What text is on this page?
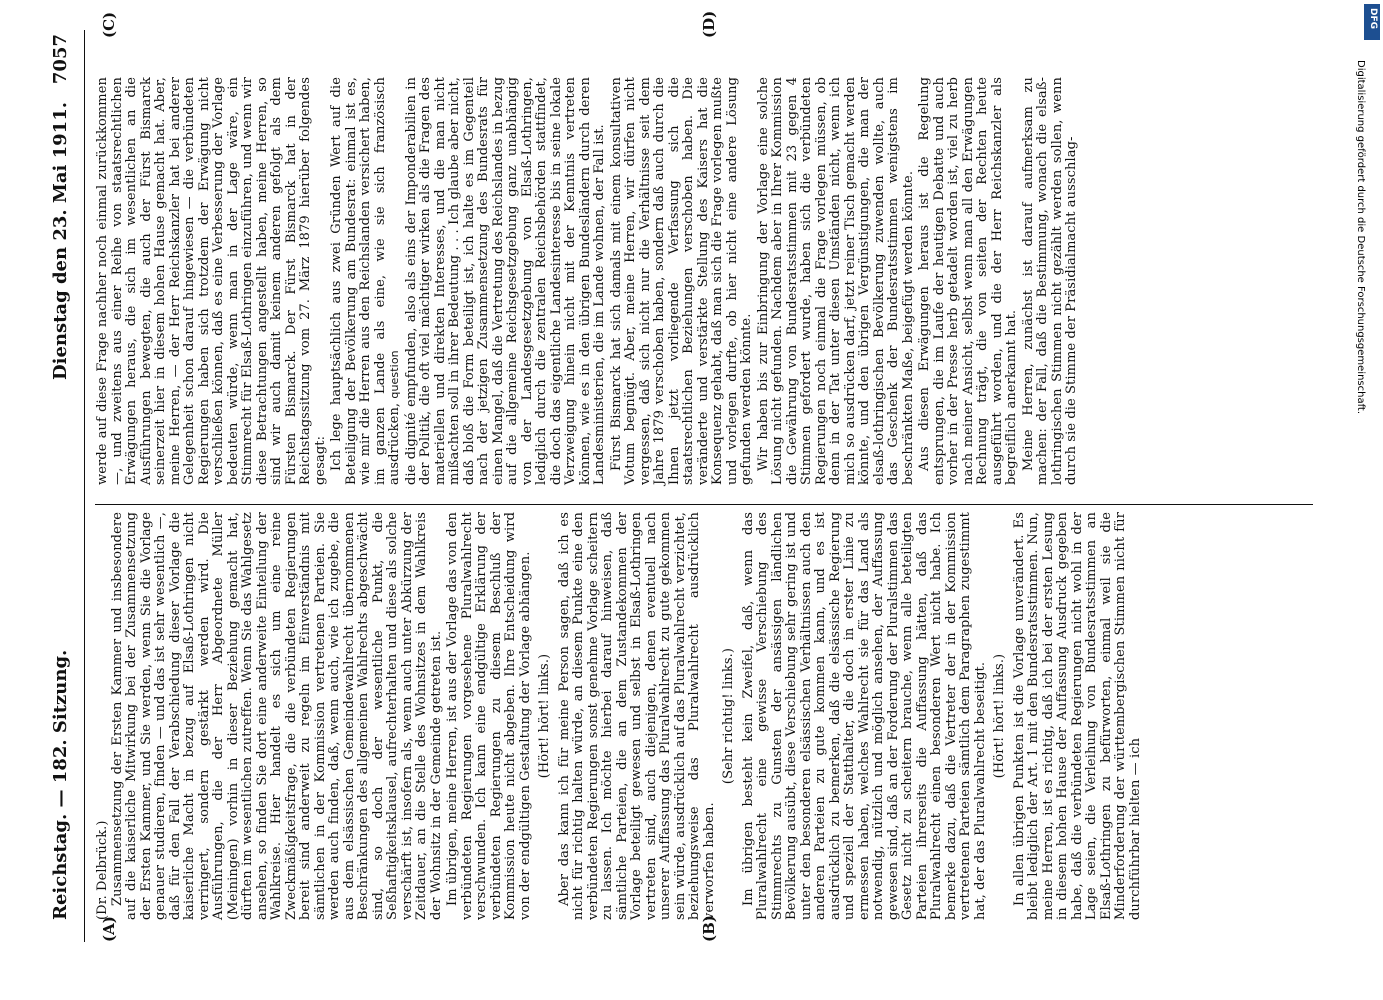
Reichstag. — 182. Sitzung.
Dienstag den 23. Mai 1911.
7057
(A)	(B)
(C)	(D)

(Dr. Delbrück.) Zusammensetzung der Ersten Kammer und insbesondere auf die kaiserliche Mitwirkung bei der Zusammensetzung der Ersten Kammer, und Sie werden, wenn Sie die Vorlage genauer studieren, finden — und das ist sehr wesentlich —, daß für den Fall der Verabschiedung dieser Vorlage die kaiserliche Macht in bezug auf Elsaß-Lothringen nicht verringert, sondern gestärkt werden wird. Die Ausführungen, die der Herr Abgeordnete Müller (Meiningen) vorhin in dieser Beziehung gemacht hat, dürften im wesentlichen zutreffen. Wenn Sie das Wahlgesetz ansehen, so finden Sie dort eine anderweite Einteilung der Wahlkreise. Hier handelt es sich um eine reine Zweckmäßigkeitsfrage, die die verbündeten Regierungen bereit sind anderweit zu regeln im Einverständnis mit sämtlichen in der Kommission vertretenen Parteien. Sie werden auch finden, daß, wenn auch, wie ich zugebe, die aus dem elsässischen Gemeindewahlrecht übernommenen Beschränkungen des allgemeinen Wahlrechts abgeschwächt sind, so doch der wesentliche Punkt, die Seßhaftigkeitsklausel, aufrechterhalten und diese als solche verschärft ist, insofern als, wenn auch unter Abkürzung der Zeitdauer, an die Stelle des Wohnsitzes in dem Wahlkreis der Wohnsitz in der Gemeinde getreten ist. Im übrigen, meine Herren, ist aus der Vorlage das von den verbündeten Regierungen vorgesehene Pluralwahlrecht verschwunden. Ich kann eine endgültige Erklärung der verbündeten Regierungen zu diesem Beschluß der Kommission heute nicht abgeben. Ihre Entscheidung wird von der endgültigen Gestaltung der Vorlage abhängen. (Hört! hört! links.) Aber das kann ich für meine Person sagen, daß ich es nicht für richtig halten würde, an diesem Punkte eine den verbündeten Regierungen sonst genehme Vorlage scheitern zu lassen. Ich möchte hierbei darauf hinweisen, daß sämtliche Parteien, die an dem Zustandekommen der Vorlage beteiligt gewesen und selbst in Elsaß-Lothringen vertreten sind, auch diejenigen, denen eventuell nach unserer Auffassung das Pluralwahlrecht zu gute gekommen sein würde, ausdrücklich auf das Pluralwahlrecht verzichtet, beziehungsweise das Pluralwahlrecht ausdrücklich verworfen haben.

(Sehr richtig! links.) Im übrigen besteht kein Zweifel, daß, wenn das Pluralwahlrecht eine gewisse Verschiebung des Stimmrechts zu Gunsten der ansässigen ländlichen Bevölkerung ausübt, diese Verschiebung sehr gering ist und unter den besonderen elsässischen Verhältnissen auch den anderen Parteien zu gute kommen kann, und es ist ausdrücklich zu bemerken, daß die elsässische Regierung und speziell der Statthalter, die doch in erster Linie zu ermessen haben, welches Wahlrecht sie für das Land als notwendig, nützlich und möglich ansehen, der Auffassung gewesen sind, daß an der Forderung der Pluralstimmen das Gesetz nicht zu scheitern brauche, wenn alle beteiligten Parteien ihrerseits die Auffassung hätten, daß das Pluralwahlrecht einen besonderen Wert nicht habe. Ich bemerke dazu, daß die Vertreter der in der Kommission vertretenen Parteien sämtlich dem Paragraphen zugestimmt hat, der das Pluralwahlrecht beseitigt. (Hört! hört! links.) In allen übrigen Punkten ist die Vorlage unverändert. Es bleibt lediglich der Art. 1 mit den Bundesratsstimmen. Nun, meine Herren, ist es richtig, daß ich bei der ersten Lesung in diesem hohen Hause der Auffassung Ausdruck gegeben habe, daß die verbündeten Regierungen nicht wohl in der Lage seien, die Verleihung von Bundesratsstimmen an Elsaß-Lothringen zu befürworten, einmal weil sie die Minderforderung der württembergischen Stimmen nicht für durchführbar hielten — ich

werde auf diese Frage nachher noch einmal zurückkommen —, und zweitens aus einer Reihe von staatsrechtlichen Erwägungen heraus, die sich im wesentlichen an die Ausführungen bewegten, die auch der Fürst Bismarck seinerzeit hier in diesem hohen Hause gemacht hat. Aber, meine Herren, — der Herr Reichskanzler hat bei anderer Gelegenheit schon darauf hingewiesen — die verbündeten Regierungen haben sich trotzdem der Erwägung nicht verschließen können, daß es eine Verbesserung der Vorlage bedeuten würde, wenn man in der Lage wäre, ein Stimmrecht für Elsaß-Lothringen einzuführen, und wenn wir diese Betrachtungen angestellt haben, meine Herren, so sind wir auch damit keinem anderen gefolgt als dem Fürsten Bismarck. Der Fürst Bismarck hat in der Reichstagssitzung vom 27. März 1879 hierüber folgendes gesagt: Ich lege hauptsächlich aus zwei Gründen Wert auf die Beteiligung der Bevölkerung am Bundesrat: einmal ist es, wie mir die Herren aus den Reichslanden versichert haben, im ganzen Lande als eine, wie sie sich französisch ausdrücken, question die dignité empfunden, also als eins der Imponderabilien in der Politik, die oft viel mächtiger wirken als die Fragen des materiellen und direkten Interesses, und die man nicht mißachten soll in ihrer Bedeutung . . . Ich glaube aber nicht, daß bloß die Form beteiligt ist, ich halte es im Gegenteil nach der jetzigen Zusammensetzung des Bundesrats für einen Mangel, daß die Vertretung des Reichslandes in bezug auf die allgemeine Reichsgesetzgebung ganz unabhängig von der Landesgesetzgebung von Elsaß-Lothringen, lediglich durch die zentralen Reichsbehörden stattfindet, die doch das eigentliche Landesinteresse bis in seine lokale Verzweigung hinein nicht mit der Kenntnis vertreten können, wie es in den übrigen Bundesländern durch deren Landesministerien, die im Lande wohnen, der Fall ist. Fürst Bismarck hat sich damals mit einem konsultativen Votum begnügt. Aber, meine Herren, wir dürfen nicht vergessen, daß sich nicht nur die Verhältnisse seit dem Jahre 1879 verschoben haben, sondern daß auch durch die Ihnen jetzt vorliegende Verfassung sich die staatsrechtlichen Beziehungen verschoben haben. Die veränderte und verstärkte Stellung des Kaisers hat die Konsequenz gehabt, daß man sich die Frage vorlegen mußte und vorlegen durfte, ob hier nicht eine andere Lösung gefunden werden könnte. Wir haben bis zur Einbringung der Vorlage eine solche Lösung nicht gefunden. Nachdem aber in Ihrer Kommission die Gewährung von Bundesratsstimmen mit 23 gegen 4 Stimmen gefordert wurde, haben sich die verbündeten Regierungen noch einmal die Frage vorlegen müssen, ob denn in der Tat unter diesen Umständen nicht, wenn ich mich so ausdrücken darf, jetzt reiner Tisch gemacht werden könnte, und den übrigen Vergünstigungen, die man der elsaß-lothringischen Bevölkerung zuwenden wollte, auch das Geschenk der Bundesratsstimmen wenigstens im beschränkten Maße, beigefügt werden könnte. Aus diesen Erwägungen heraus ist die Regelung entsprungen, die im Laufe der heutigen Debatte und auch vorher in der Presse herb getadelt worden ist, viel zu herb nach meiner Ansicht, selbst wenn man all den Erwägungen Rechnung trägt, die von seiten der Rechten heute ausgeführt worden, und die der Herr Reichskanzler als begreiflich anerkannt hat. Meine Herren, zunächst ist darauf aufmerksam zu machen: der Fall, daß die Bestimmung, wonach die elsaß-lothringischen Stimmen nicht gezählt werden sollen, wenn durch sie die Stimme der Präsidialmacht ausschlag-

DFG
Digitalisierung gefördert durch die Deutsche Forschungsgemeinschaft.
